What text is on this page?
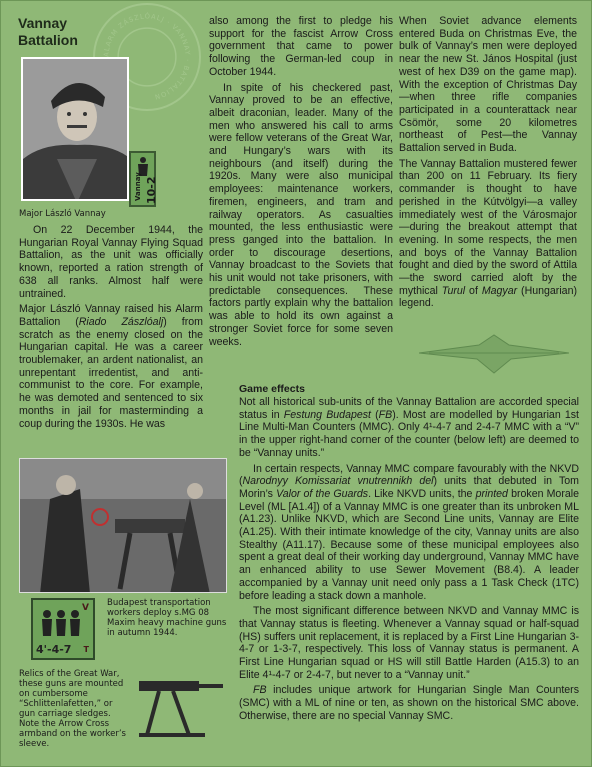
ALARM ZÁSZLÓALJ · VANNAY · BATTALION
Vannay
Battalion
Vannay 10-2
Major László Vannay

On 22 December 1944, the Hungarian Royal Vannay Flying Squad Battalion, as the unit was officially known, reported a ration strength of 638 all ranks. Almost half were untrained.

Major László Vannay raised his Alarm Battalion (Riado Zászlóalj) from scratch as the enemy closed on the Hungarian capital. He was a career troublemaker, an ardent nationalist, an unrepentant irredentist, and anti-communist to the core. For example, he was demoted and sentenced to six months in jail for masterminding a coup during the 1930s. He was

also among the first to pledge his support for the fascist Arrow Cross government that came to power following the German-led coup in October 1944.

In spite of his checkered past, Vannay proved to be an effective, albeit draconian, leader. Many of the men who answered his call to arms were fellow veterans of the Great War, and Hungary’s wars with its neighbours (and itself) during the 1920s. Many were also municipal employees: maintenance workers, firemen, engineers, and tram and railway operators. As casualties mounted, the less enthusiastic were press ganged into the battalion. In order to discourage desertions, Vannay broadcast to the Soviets that his unit would not take prisoners, with predictable consequences. These factors partly explain why the battalion was able to hold its own against a stronger Soviet force for some seven weeks.

When Soviet advance elements entered Buda on Christmas Eve, the bulk of Vannay’s men were deployed near the new St. János Hospital (just west of hex D39 on the game map). With the exception of Christmas Day—when three rifle companies participated in a counterattack near Csömör, some 20 kilometres northeast of Pest—the Vannay Battalion served in Buda.

The Vannay Battalion mustered fewer than 200 on 11 February. Its fiery commander is thought to have perished in the Kútvölgyi—a valley immediately west of the Városmajor—during the breakout attempt that evening. In some respects, the men and boys of the Vannay Battalion fought and died by the sword of Attila—the sword carried aloft by the mythical Turul of Magyar (Hungarian) legend.

Game effects

Not all historical sub-units of the Vannay Battalion are accorded special status in Festung Budapest (FB). Most are modelled by Hungarian 1st Line Multi-Man Counters (MMC). Only 4¹-4-7 and 2-4-7 MMC with a “V” in the upper right-hand corner of the counter (below left) are deemed to be “Vannay units.”

In certain respects, Vannay MMC compare favourably with the NKVD (Narodnyy Komissariat vnutrennikh del) units that debuted in Tom Morin’s Valor of the Guards. Like NKVD units, the printed broken Morale Level (ML [A1.4]) of a Vannay MMC is one greater than its unbroken ML (A1.23). Unlike NKVD, which are Second Line units, Vannay are Elite (A1.25). With their intimate knowledge of the city, Vannay units are also Stealthy (A11.17). Because some of these municipal employees also spent a great deal of their working day underground, Vannay MMC have an enhanced ability to use Sewer Movement (B8.4). A leader accompanied by a Vannay unit need only pass a 1 Task Check (1TC) before leading a stack down a manhole.

The most significant difference between NKVD and Vannay MMC is that Vannay status is fleeting. Whenever a Vannay squad or half-squad (HS) suffers unit replacement, it is replaced by a First Line Hungarian 3-4-7 or 1-3-7, respectively. This loss of Vannay status is permanent. A First Line Hungarian squad or HS will still Battle Harden (A15.3) to an Elite 4¹-4-7 or 2-4-7, but never to a “Vannay unit.”

FB includes unique artwork for Hungarian Single Man Counters (SMC) with a ML of nine or ten, as shown on the historical SMC above. Otherwise, there are no special Vannay SMC.

V
4'-4-7 T
Budapest transportation workers deploy s.MG 08 Maxim heavy machine guns in autumn 1944.
Relics of the Great War, these guns are mounted on cumbersome “Schlittenlafetten,” or gun carriage sledges. Note the Arrow Cross armband on the worker’s sleeve.
